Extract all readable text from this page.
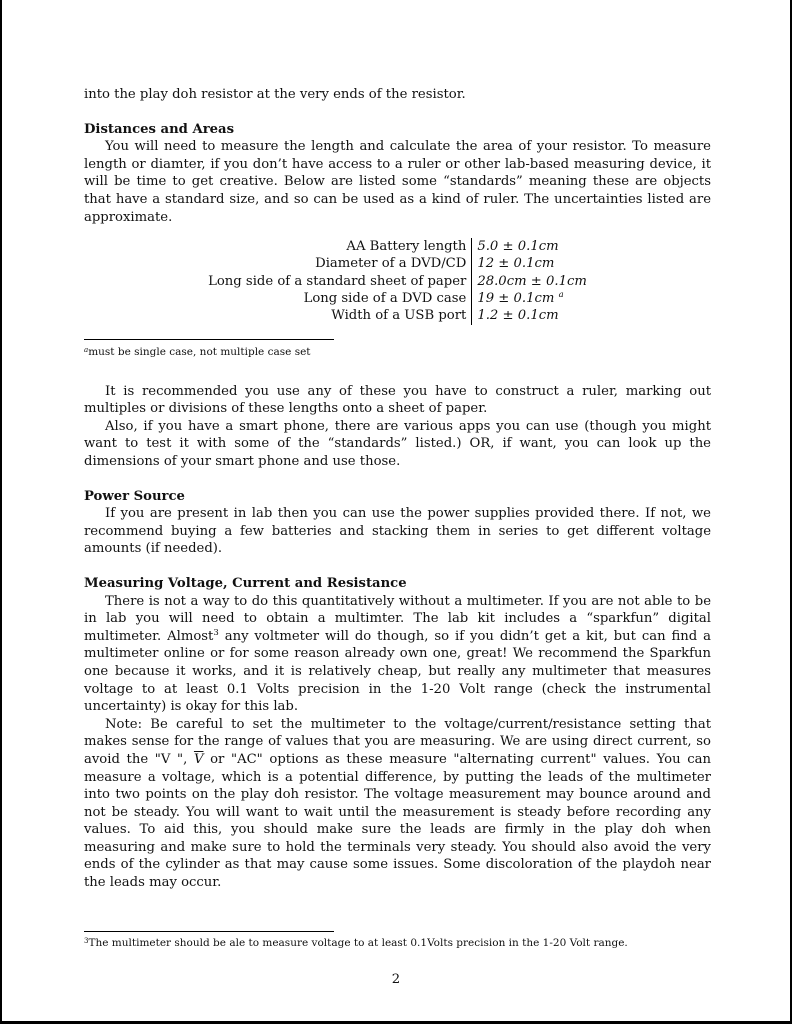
into the play doh resistor at the very ends of the resistor.

Distances and Areas

You will need to measure the length and calculate the area of your resistor. To measure length or diamter, if you don’t have access to a ruler or other lab-based measuring device, it will be time to get creative. Below are listed some “standards” meaning these are objects that have a standard size, and so can be used as a kind of ruler. The uncertainties listed are approximate.

AA Battery length	5.0 ± 0.1cm
Diameter of a DVD/CD	12 ± 0.1cm
Long side of a standard sheet of paper	28.0cm ± 0.1cm
Long side of a DVD case	19 ± 0.1cm $^a$
Width of a USB port	1.2 ± 0.1cm
$^a$must be single case, not multiple case set

It is recommended you use any of these you have to construct a ruler, marking out multiples or divisions of these lengths onto a sheet of paper.

Also, if you have a smart phone, there are various apps you can use (though you might want to test it with some of the “standards” listed.) OR, if want, you can look up the dimensions of your smart phone and use those.

Power Source

If you are present in lab then you can use the power supplies provided there. If not, we recommend buying a few batteries and stacking them in series to get different voltage amounts (if needed).

Measuring Voltage, Current and Resistance

There is not a way to do this quantitatively without a multimeter. If you are not able to be in lab you will need to obtain a multimter. The lab kit includes a “sparkfun” digital multimeter. Almost$^3$ any voltmeter will do though, so if you didn’t get a kit, but can find a multimeter online or for some reason already own one, great! We recommend the Sparkfun one because it works, and it is relatively cheap, but really any multimeter that measures voltage to at least 0.1 Volts precision in the 1-20 Volt range (check the instrumental uncertainty) is okay for this lab.

Note: Be careful to set the multimeter to the voltage/current/resistance setting that makes sense for the range of values that you are measuring. We are using direct current, so avoid the "V ", $\overline{V}$ or "AC" options as these measure "alternating current" values. You can measure a voltage, which is a potential difference, by putting the leads of the multimeter into two points on the play doh resistor. The voltage measurement may bounce around and not be steady. You will want to wait until the measurement is steady before recording any values. To aid this, you should make sure the leads are firmly in the play doh when measuring and make sure to hold the terminals very steady. You should also avoid the very ends of the cylinder as that may cause some issues. Some discoloration of the playdoh near the leads may occur.

$^3$The multimeter should be ale to measure voltage to at least 0.1Volts precision in the 1-20 Volt range.
2
